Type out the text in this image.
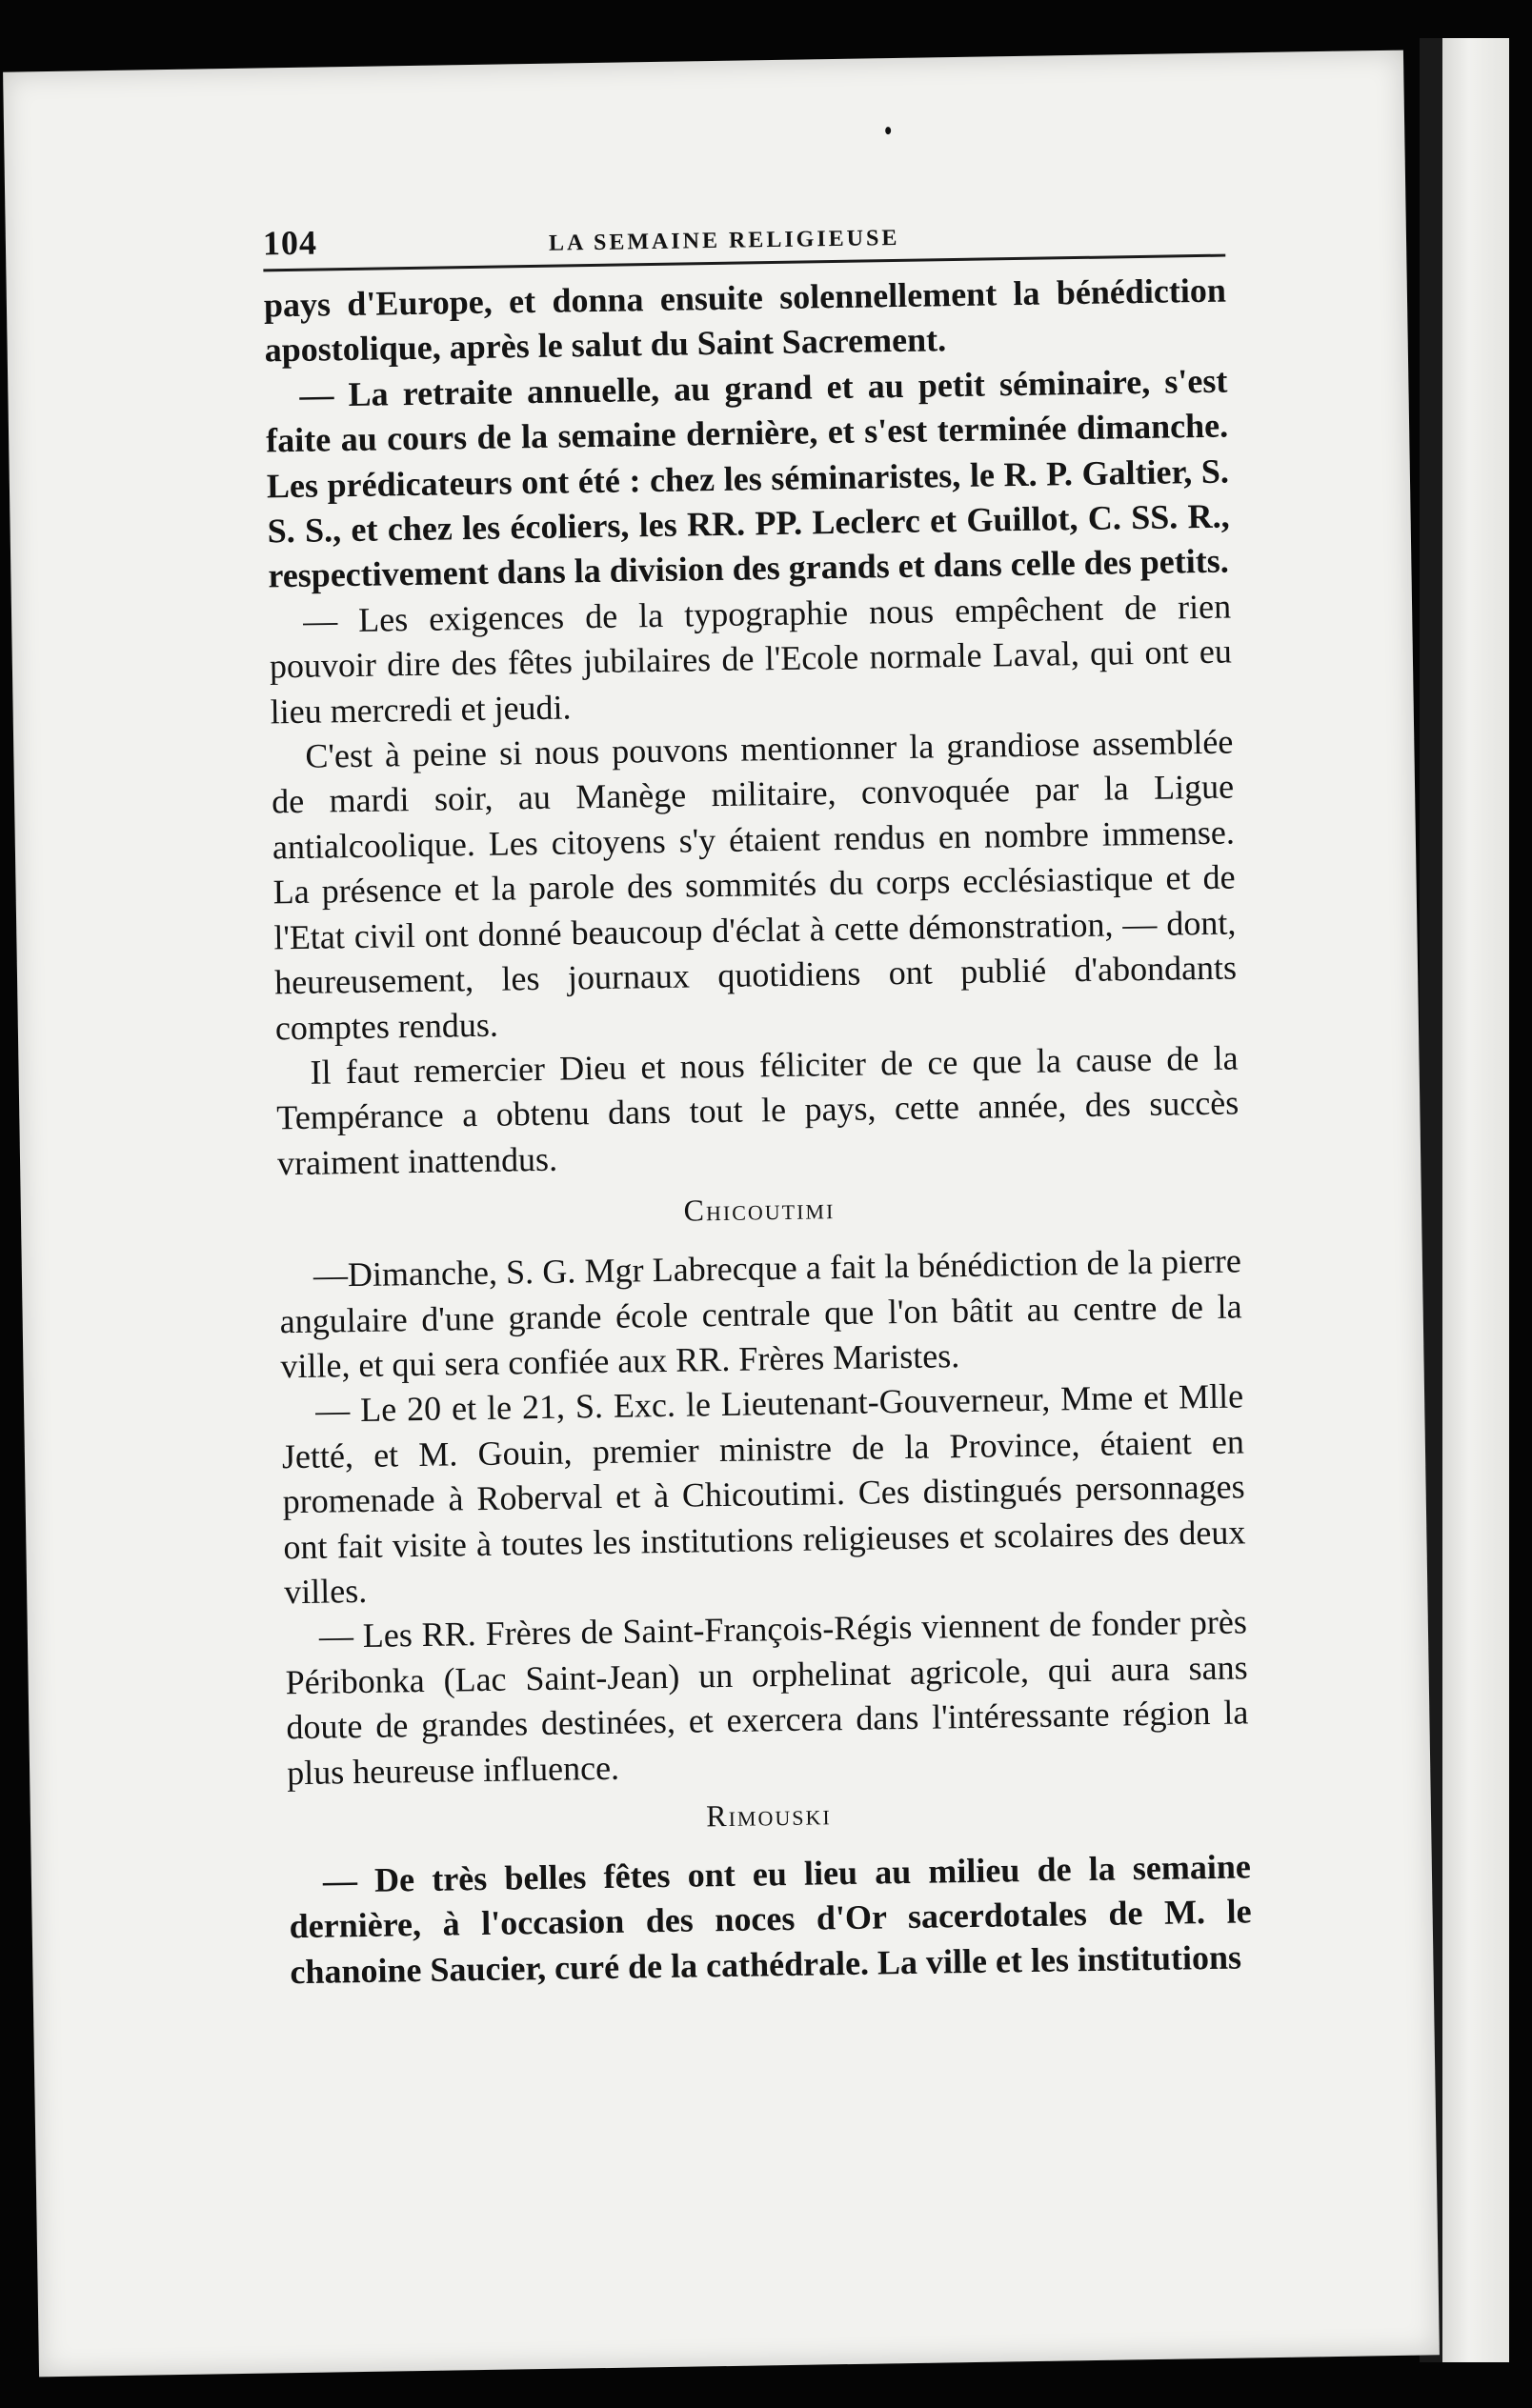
104	LA SEMAINE RELIGIEUSE

pays d'Europe, et donna ensuite solennellement la bénédiction apostolique, après le salut du Saint Sacrement.

— La retraite annuelle, au grand et au petit séminaire, s'est faite au cours de la semaine dernière, et s'est terminée dimanche. Les prédicateurs ont été : chez les séminaristes, le R. P. Galtier, S. S. S., et chez les écoliers, les RR. PP. Leclerc et Guillot, C. SS. R., respectivement dans la division des grands et dans celle des petits.

— Les exigences de la typographie nous empêchent de rien pouvoir dire des fêtes jubilaires de l'Ecole normale Laval, qui ont eu lieu mercredi et jeudi.

C'est à peine si nous pouvons mentionner la grandiose assemblée de mardi soir, au Manège militaire, convoquée par la Ligue antialcoolique. Les citoyens s'y étaient rendus en nombre immense. La présence et la parole des sommités du corps ecclésiastique et de l'Etat civil ont donné beaucoup d'éclat à cette démonstration, — dont, heureusement, les journaux quotidiens ont publié d'abondants comptes rendus.

Il faut remercier Dieu et nous féliciter de ce que la cause de la Tempérance a obtenu dans tout le pays, cette année, des succès vraiment inattendus.

Chicoutimi

—Dimanche, S. G. Mgr Labrecque a fait la bénédiction de la pierre angulaire d'une grande école centrale que l'on bâtit au centre de la ville, et qui sera confiée aux RR. Frères Maristes.

— Le 20 et le 21, S. Exc. le Lieutenant-Gouverneur, Mme et Mlle Jetté, et M. Gouin, premier ministre de la Province, étaient en promenade à Roberval et à Chicoutimi. Ces distingués personnages ont fait visite à toutes les institutions religieuses et scolaires des deux villes.

— Les RR. Frères de Saint-François-Régis viennent de fonder près Péribonka (Lac Saint-Jean) un orphelinat agricole, qui aura sans doute de grandes destinées, et exercera dans l'intéressante région la plus heureuse influence.

Rimouski

— De très belles fêtes ont eu lieu au milieu de la semaine dernière, à l'occasion des noces d'Or sacerdotales de M. le chanoine Saucier, curé de la cathédrale. La ville et les institutions
